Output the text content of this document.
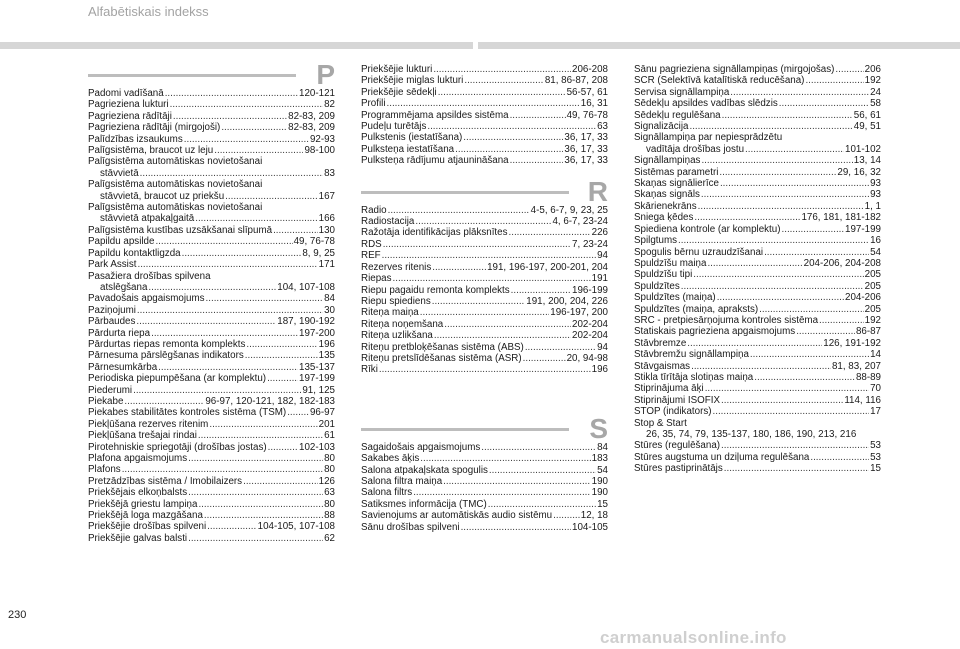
Alfabētiskais indekss
P
Padomi vadīšanā .....	120-121
Pagrieziena lukturi .....	82
Pagrieziena rādītāji .....	82-83, 209
Pagrieziena rādītāji (mirgojoši) .....	82-83, 209
Palīdzības izsaukums .....	92-93
Palīgsistēma, braucot uz leju .....	98-100
Palīgsistēma automātiskas novietošanai
stāvvietā .....	83
Palīgsistēma automātiskas novietošanai
stāvvietā, braucot uz priekšu .....	167
Palīgsistēma automātiskas novietošanai
stāvvietā atpakaļgaitā .....	166
Palīgsistēma kustības uzsākšanai slīpumā .....	130
Papildu apsilde .....	49, 76-78
Papildu kontaktligzda .....	8, 9, 25
Park Assist .....	171
Pasažiera drošības spilvena
atslēgšana .....	104, 107-108
Pavadošais apgaismojums .....	84
Paziņojumi .....	30
Pārbaudes .....	187, 190-192
Pārdurta riepa .....	197-200
Pārdurtas riepas remonta komplekts .....	196
Pārnesuma pārslēgšanas indikators .....	135
Pārnesumkārba .....	135-137
Periodiska piepumpēšana (ar komplektu) .....	197-199
Piederumi .....	91, 125
Piekabe .....	96-97, 120-121, 182, 182-183
Piekabes stabilitātes kontroles sistēma (TSM) ..... 96-97
Piekļūšana rezerves ritenim .....	201
Piekļūšana trešajai rindai .....	61
Pirotehniskie spriegotāji (drošības jostas) .....	102-103
Plafona apgaismojums .....	80
Plafons .....	80
Pretzādzības sistēma / Imobilaizers .....	126
Priekšējais elkoņbalsts .....	63
Priekšējā griestu lampiņa .....	80
Priekšējā loga mazgāšana .....	88
Priekšējie drošības spilveni .....	104-105, 107-108
Priekšējie galvas balsti .....	62
Priekšējie lukturi .....	206-208
Priekšējie miglas lukturi .....	81, 86-87, 208
Priekšējie sēdekļi .....	56-57, 61
Profili .....	16, 31
Programmējama apsildes sistēma .....	49, 76-78
Pudeļu turētājs .....	63
Pulkstenis (iestatīšana) .....	36, 17, 33
Pulksteņa iestatīšana .....	36, 17, 33
Pulksteņa rādījumu atjaunināšana .....	36, 17, 33
R
Radio .....	4-5, 6-7, 9, 23, 25
Radiostacija .....	4, 6-7, 23-24
Ražotāja identifikācijas plāksnītes .....	226
RDS .....	7, 23-24
REF .....	94
Rezerves ritenis .....	191, 196-197, 200-201, 204
Riepas .....	191
Riepu pagaidu remonta komplekts .....	196-199
Riepu spiediens .....	191, 200, 204, 226
Riteņa maiņa .....	196-197, 200
Riteņa noņemšana .....	202-204
Riteņa uzlikšana .....	202-204
Riteņu pretbloķēšanas sistēma (ABS) .....	94
Riteņu pretslīdēšanas sistēma (ASR) .....	20, 94-98
Rīki .....	196
S
Sagaidošais apgaismojums .....	84
Sakabes āķis .....	183
Salona atpakaļskata spogulis .....	54
Salona filtra maiņa .....	190
Salona filtrs .....	190
Satiksmes informācija (TMC) .....	15
Savienojums ar automātiskās audio sistēmu .....	12, 18
Sānu drošības spilveni .....	104-105
Sānu pagrieziena signāllampiņas (mirgojošas) .....	206
SCR (Selektīvā katalītiskā reducēšana) .....	192
Servisa signāllampiņa .....	24
Sēdekļu apsildes vadības slēdzis .....	58
Sēdekļu regulēšana .....	56, 61
Signalizācija .....	49, 51
Signāllampiņa par nepiesprādzētu
vadītāja drošības jostu .....	101-102
Signāllampiņas .....	13, 14
Sistēmas parametri .....	29, 16, 32
Skaņas signālierīce .....	93
Skaņas signāls .....	93
Skārienekrāns .....	1, 1
Sniega ķēdes .....	176, 181, 181-182
Spiediena kontrole (ar komplektu) .....	197-199
Spilgtums .....	16
Spogulis bērnu uzraudzīšanai .....	54
Spuldzīšu maiņa .....	204-206, 204-208
Spuldzīšu tipi .....	205
Spuldzītes .....	205
Spuldzītes (maiņa) .....	204-206
Spuldzītes (maiņa, apraksts) .....	205
SRC - pretpiesārņojuma kontroles sistēma .....	192
Statiskais pagrieziena apgaismojums .....	86-87
Stāvbremze .....	126, 191-192
Stāvbremžu signāllampiņa .....	14
Stāvgaismas .....	81, 83, 207
Stikla tīrītāja slotiņas maiņa .....	88-89
Stiprinājuma āķi .....	70
Stiprinājumi ISOFIX .....	114, 116
STOP (indikators) .....	17
Stop & Start
26, 35, 74, 79, 135-137, 180, 186, 190, 213, 216
Stūres (regulēšana) .....	53
Stūres augstuma un dziļuma regulēšana .....	53
Stūres pastiprinātājs .....	15
230
carmanualsonline.info
